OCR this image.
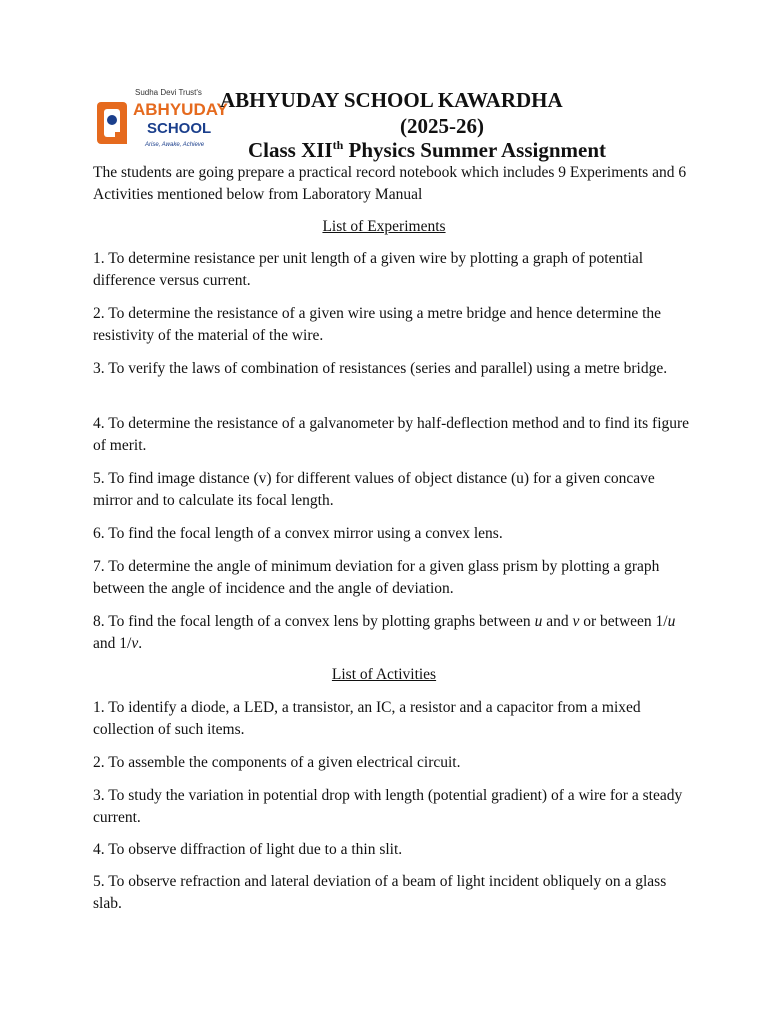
Sudha Devi Trust's
ABHYUDAY
SCHOOL
Arise, Awake, Achieve
ABHYUDAY SCHOOL KAWARDHA
(2025-26)
Class XIIth Physics Summer Assignment
The students are going prepare a practical record notebook which includes 9 Experiments and 6 Activities mentioned below from Laboratory Manual
List of Experiments
1. To determine resistance per unit length of a given wire by plotting a graph of potential difference versus current.
2. To determine the resistance of a given wire using a metre bridge and hence determine the resistivity of the material of the wire.
3. To verify the laws of combination of resistances (series and parallel) using a metre bridge.
4. To determine the resistance of a galvanometer by half-deflection method and to find its figure of merit.
5. To find image distance (v) for different values of object distance (u) for a given concave mirror and to calculate its focal length.
6. To find the focal length of a convex mirror using a convex lens.
7. To determine the angle of minimum deviation for a given glass prism by plotting a graph between the angle of incidence and the angle of deviation.
8. To find the focal length of a convex lens by plotting graphs between u and v or between 1/u and 1/v.
List of Activities
1. To identify a diode, a LED, a transistor, an IC, a resistor and a capacitor from a mixed collection of such items.
2. To assemble the components of a given electrical circuit.
3. To study the variation in potential drop with length (potential gradient) of a wire for a steady current.
4. To observe diffraction of light due to a thin slit.
5. To observe refraction and lateral deviation of a beam of light incident obliquely on a glass slab.
